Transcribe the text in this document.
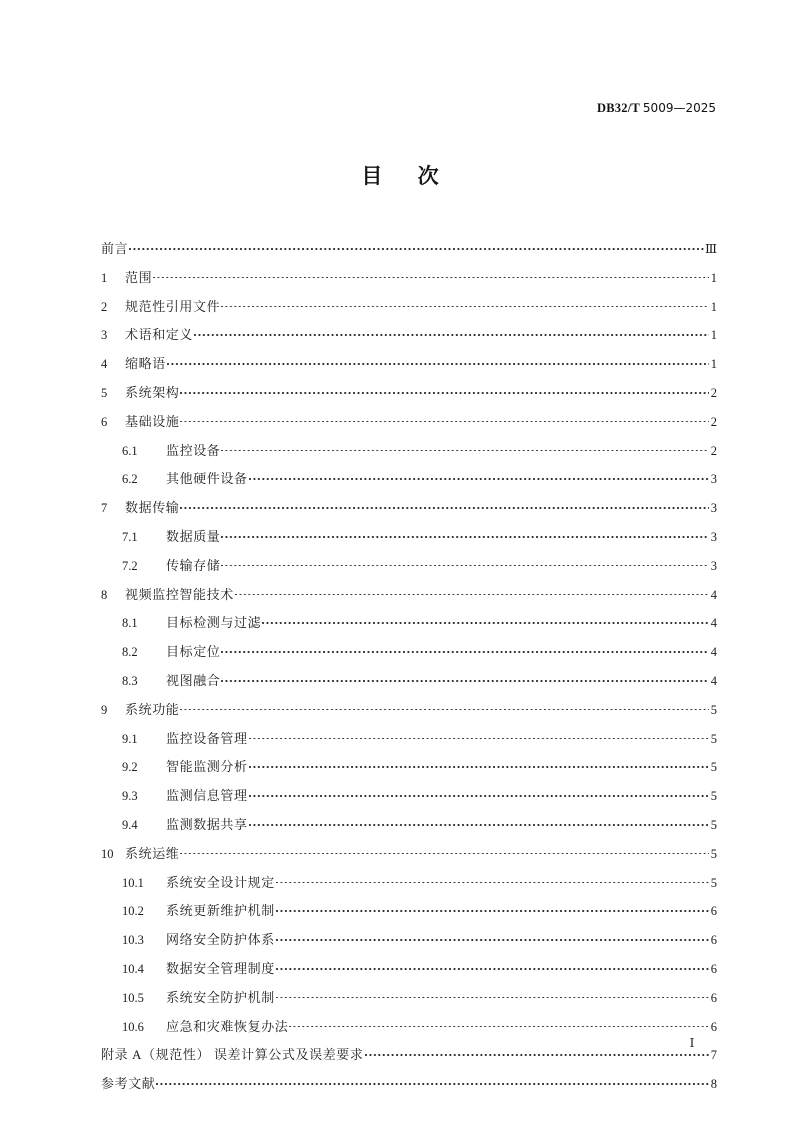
DB32/T 5009—2025
目 次
前言	Ⅲ
1	范围	1
2	规范性引用文件	1
3	术语和定义	1
4	缩略语	1
5	系统架构	2
6	基础设施	2
6.1	监控设备	2
6.2	其他硬件设备	3
7	数据传输	3
7.1	数据质量	3
7.2	传输存储	3
8	视频监控智能技术	4
8.1	目标检测与过滤	4
8.2	目标定位	4
8.3	视图融合	4
9	系统功能	5
9.1	监控设备管理	5
9.2	智能监测分析	5
9.3	监测信息管理	5
9.4	监测数据共享	5
10 系统运维	5
10.1	系统安全设计规定	5
10.2	系统更新维护机制	6
10.3	网络安全防护体系	6
10.4	数据安全管理制度	6
10.5	系统安全防护机制	6
10.6	应急和灾难恢复办法	6
附录 A（规范性） 误差计算公式及误差要求	7
参考文献	8
Ⅰ
